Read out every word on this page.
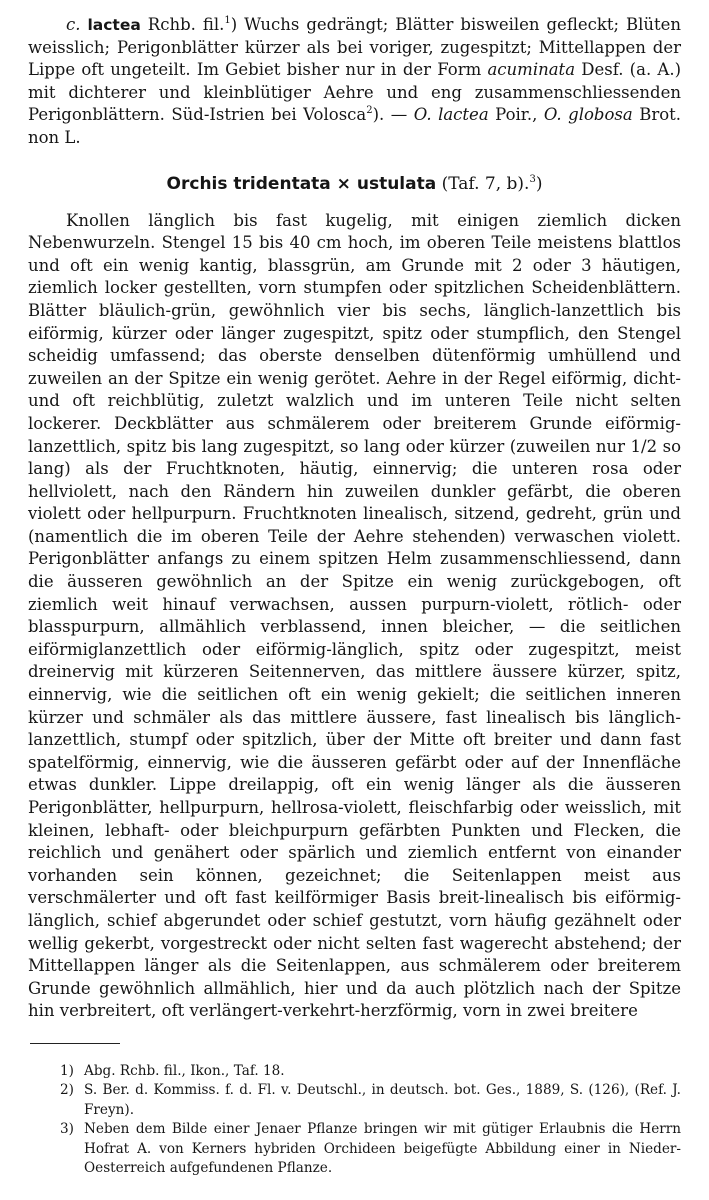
c. lactea Rchb. fil.$^1$) Wuchs gedrängt; Blätter bisweilen gefleckt; Blüten weisslich; Perigonblätter kürzer als bei voriger, zugespitzt; Mittellappen der Lippe oft ungeteilt. Im Gebiet bisher nur in der Form acuminata Desf. (a. A.) mit dichterer und kleinblütiger Aehre und eng zusammenschliessenden Perigonblättern. Süd-Istrien bei Volosca$^2$). — O. lactea Poir., O. globosa Brot. non L.

Orchis tridentata × ustulata (Taf. 7, b).$^3$)

Knollen länglich bis fast kugelig, mit einigen ziemlich dicken Nebenwurzeln. Stengel 15 bis 40 cm hoch, im oberen Teile meistens blattlos und oft ein wenig kantig, blassgrün, am Grunde mit 2 oder 3 häutigen, ziemlich locker gestellten, vorn stumpfen oder spitzlichen Scheidenblättern. Blätter bläulich-grün, gewöhnlich vier bis sechs, länglich-lanzettlich bis eiförmig, kürzer oder länger zugespitzt, spitz oder stumpflich, den Stengel scheidig umfassend; das oberste denselben dütenförmig umhüllend und zuweilen an der Spitze ein wenig gerötet. Aehre in der Regel eiförmig, dicht- und oft reichblütig, zuletzt walzlich und im unteren Teile nicht selten lockerer. Deckblätter aus schmälerem oder breiterem Grunde eiförmig-lanzettlich, spitz bis lang zugespitzt, so lang oder kürzer (zuweilen nur 1/2 so lang) als der Fruchtknoten, häutig, einnervig; die unteren rosa oder hellviolett, nach den Rändern hin zuweilen dunkler gefärbt, die oberen violett oder hellpurpurn. Fruchtknoten linealisch, sitzend, gedreht, grün und (namentlich die im oberen Teile der Aehre stehenden) verwaschen violett. Perigonblätter anfangs zu einem spitzen Helm zusammenschliessend, dann die äusseren gewöhnlich an der Spitze ein wenig zurückgebogen, oft ziemlich weit hinauf verwachsen, aussen purpurn-violett, rötlich- oder blasspurpurn, allmählich verblassend, innen bleicher, — die seitlichen eiförmiglanzettlich oder eiförmig-länglich, spitz oder zugespitzt, meist dreinervig mit kürzeren Seitennerven, das mittlere äussere kürzer, spitz, einnervig, wie die seitlichen oft ein wenig gekielt; die seitlichen inneren kürzer und schmäler als das mittlere äussere, fast linealisch bis länglich-lanzettlich, stumpf oder spitzlich, über der Mitte oft breiter und dann fast spatelförmig, einnervig, wie die äusseren gefärbt oder auf der Innenfläche etwas dunkler. Lippe dreilappig, oft ein wenig länger als die äusseren Perigonblätter, hellpurpurn, hellrosa-violett, fleischfarbig oder weisslich, mit kleinen, lebhaft- oder bleichpurpurn gefärbten Punkten und Flecken, die reichlich und genähert oder spärlich und ziemlich entfernt von einander vorhanden sein können, gezeichnet; die Seitenlappen meist aus verschmälerter und oft fast keilförmiger Basis breit-linealisch bis eiförmig-länglich, schief abgerundet oder schief gestutzt, vorn häufig gezähnelt oder wellig gekerbt, vorgestreckt oder nicht selten fast wagerecht abstehend; der Mittellappen länger als die Seitenlappen, aus schmälerem oder breiterem Grunde gewöhnlich allmählich, hier und da auch plötzlich nach der Spitze hin verbreitert, oft verlängert-verkehrt-herzförmig, vorn in zwei breitere

1) Abg. Rchb. fil., Ikon., Taf. 18.

2) S. Ber. d. Kommiss. f. d. Fl. v. Deutschl., in deutsch. bot. Ges., 1889, S. (126), (Ref. J. Freyn).

3) Neben dem Bilde einer Jenaer Pflanze bringen wir mit gütiger Erlaubnis die Herrn Hofrat A. von Kerners hybriden Orchideen beigefügte Abbildung einer in Nieder-Oesterreich aufgefundenen Pflanze.
